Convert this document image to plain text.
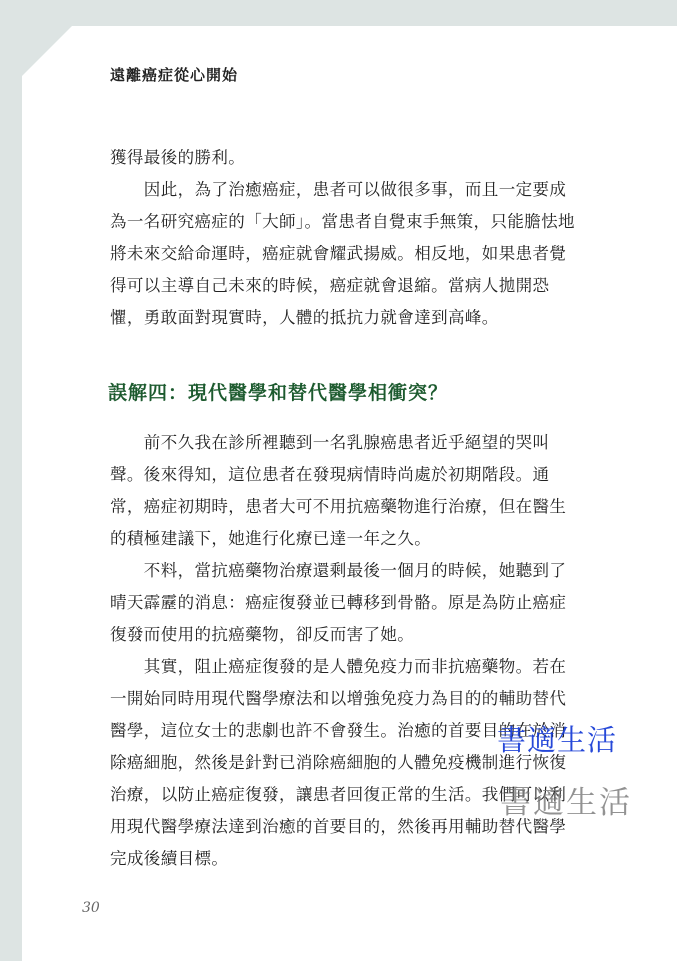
遠離癌症從心開始

獲得最後的勝利。

　　因此，為了治癒癌症，患者可以做很多事，而且一定要成為一名研究癌症的「大師」。當患者自覺束手無策，只能膽怯地將未來交給命運時，癌症就會耀武揚威。相反地，如果患者覺得可以主導自己未來的時候，癌症就會退縮。當病人拋開恐懼，勇敢面對現實時，人體的抵抗力就會達到高峰。

誤解四：現代醫學和替代醫學相衝突？

　　前不久我在診所裡聽到一名乳腺癌患者近乎絕望的哭叫聲。後來得知，這位患者在發現病情時尚處於初期階段。通常，癌症初期時，患者大可不用抗癌藥物進行治療，但在醫生的積極建議下，她進行化療已達一年之久。

　　不料，當抗癌藥物治療還剩最後一個月的時候，她聽到了晴天霹靂的消息：癌症復發並已轉移到骨骼。原是為防止癌症復發而使用的抗癌藥物，卻反而害了她。

　　其實，阻止癌症復發的是人體免疫力而非抗癌藥物。若在一開始同時用現代醫學療法和以增強免疫力為目的的輔助替代醫學，這位女士的悲劇也許不會發生。治癒的首要目的在於消除癌細胞，然後是針對已消除癌細胞的人體免疫機制進行恢復治療，以防止癌症復發，讓患者回復正常的生活。我們可以利用現代醫學療法達到治癒的首要目的，然後再用輔助替代醫學完成後續目標。

書適生活
書適生活
30
